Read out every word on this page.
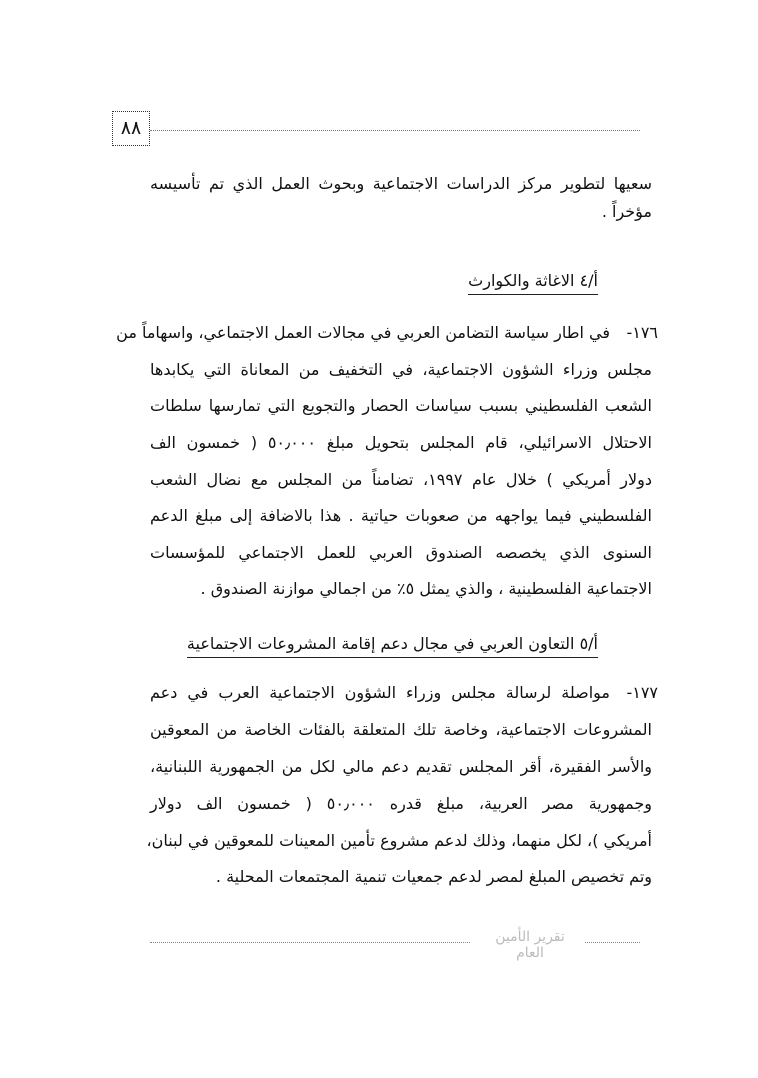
٨٨
سعيها لتطوير مركز الدراسات الاجتماعية وبحوث العمل الذي تم تأسيسه
مؤخراً .
أ/٤ الاغاثة والكوارث
١٧٦-
في اطار سياسة التضامن العربي في مجالات العمل الاجتماعي، واسهاماً من
مجلس وزراء الشؤون الاجتماعية، في التخفيف من المعاناة التي يكابدها
الشعب الفلسطيني بسبب سياسات الحصار والتجويع التي تمارسها سلطات
الاحتلال الاسرائيلي، قام المجلس بتحويل مبلغ ٥٠٫٠٠٠ ( خمسون الف
دولار أمريكي ) خلال عام ١٩٩٧، تضامناً من المجلس مع نضال الشعب
الفلسطيني فيما يواجهه من صعوبات حياتية . هذا بالاضافة إلى مبلغ الدعم
السنوى الذي يخصصه الصندوق العربي للعمل الاجتماعي للمؤسسات
الاجتماعية الفلسطينية ، والذي يمثل ٥٪ من اجمالي موازنة الصندوق .
أ/٥ التعاون العربي في مجال دعم إقامة المشروعات الاجتماعية
١٧٧-
مواصلة لرسالة مجلس وزراء الشؤون الاجتماعية العرب في دعم
المشروعات الاجتماعية، وخاصة تلك المتعلقة بالفئات الخاصة من المعوقين
والأسر الفقيرة، أقر المجلس تقديم دعم مالي لكل من الجمهورية اللبنانية،
وجمهورية مصر العربية، مبلغ قدره ٥٠٫٠٠٠ ( خمسون الف دولار
أمريكي )، لكل منهما، وذلك لدعم مشروع تأمين المعينات للمعوقين في لبنان،
وتم تخصيص المبلغ لمصر لدعم جمعيات تنمية المجتمعات المحلية .
تقرير الأمين العام
